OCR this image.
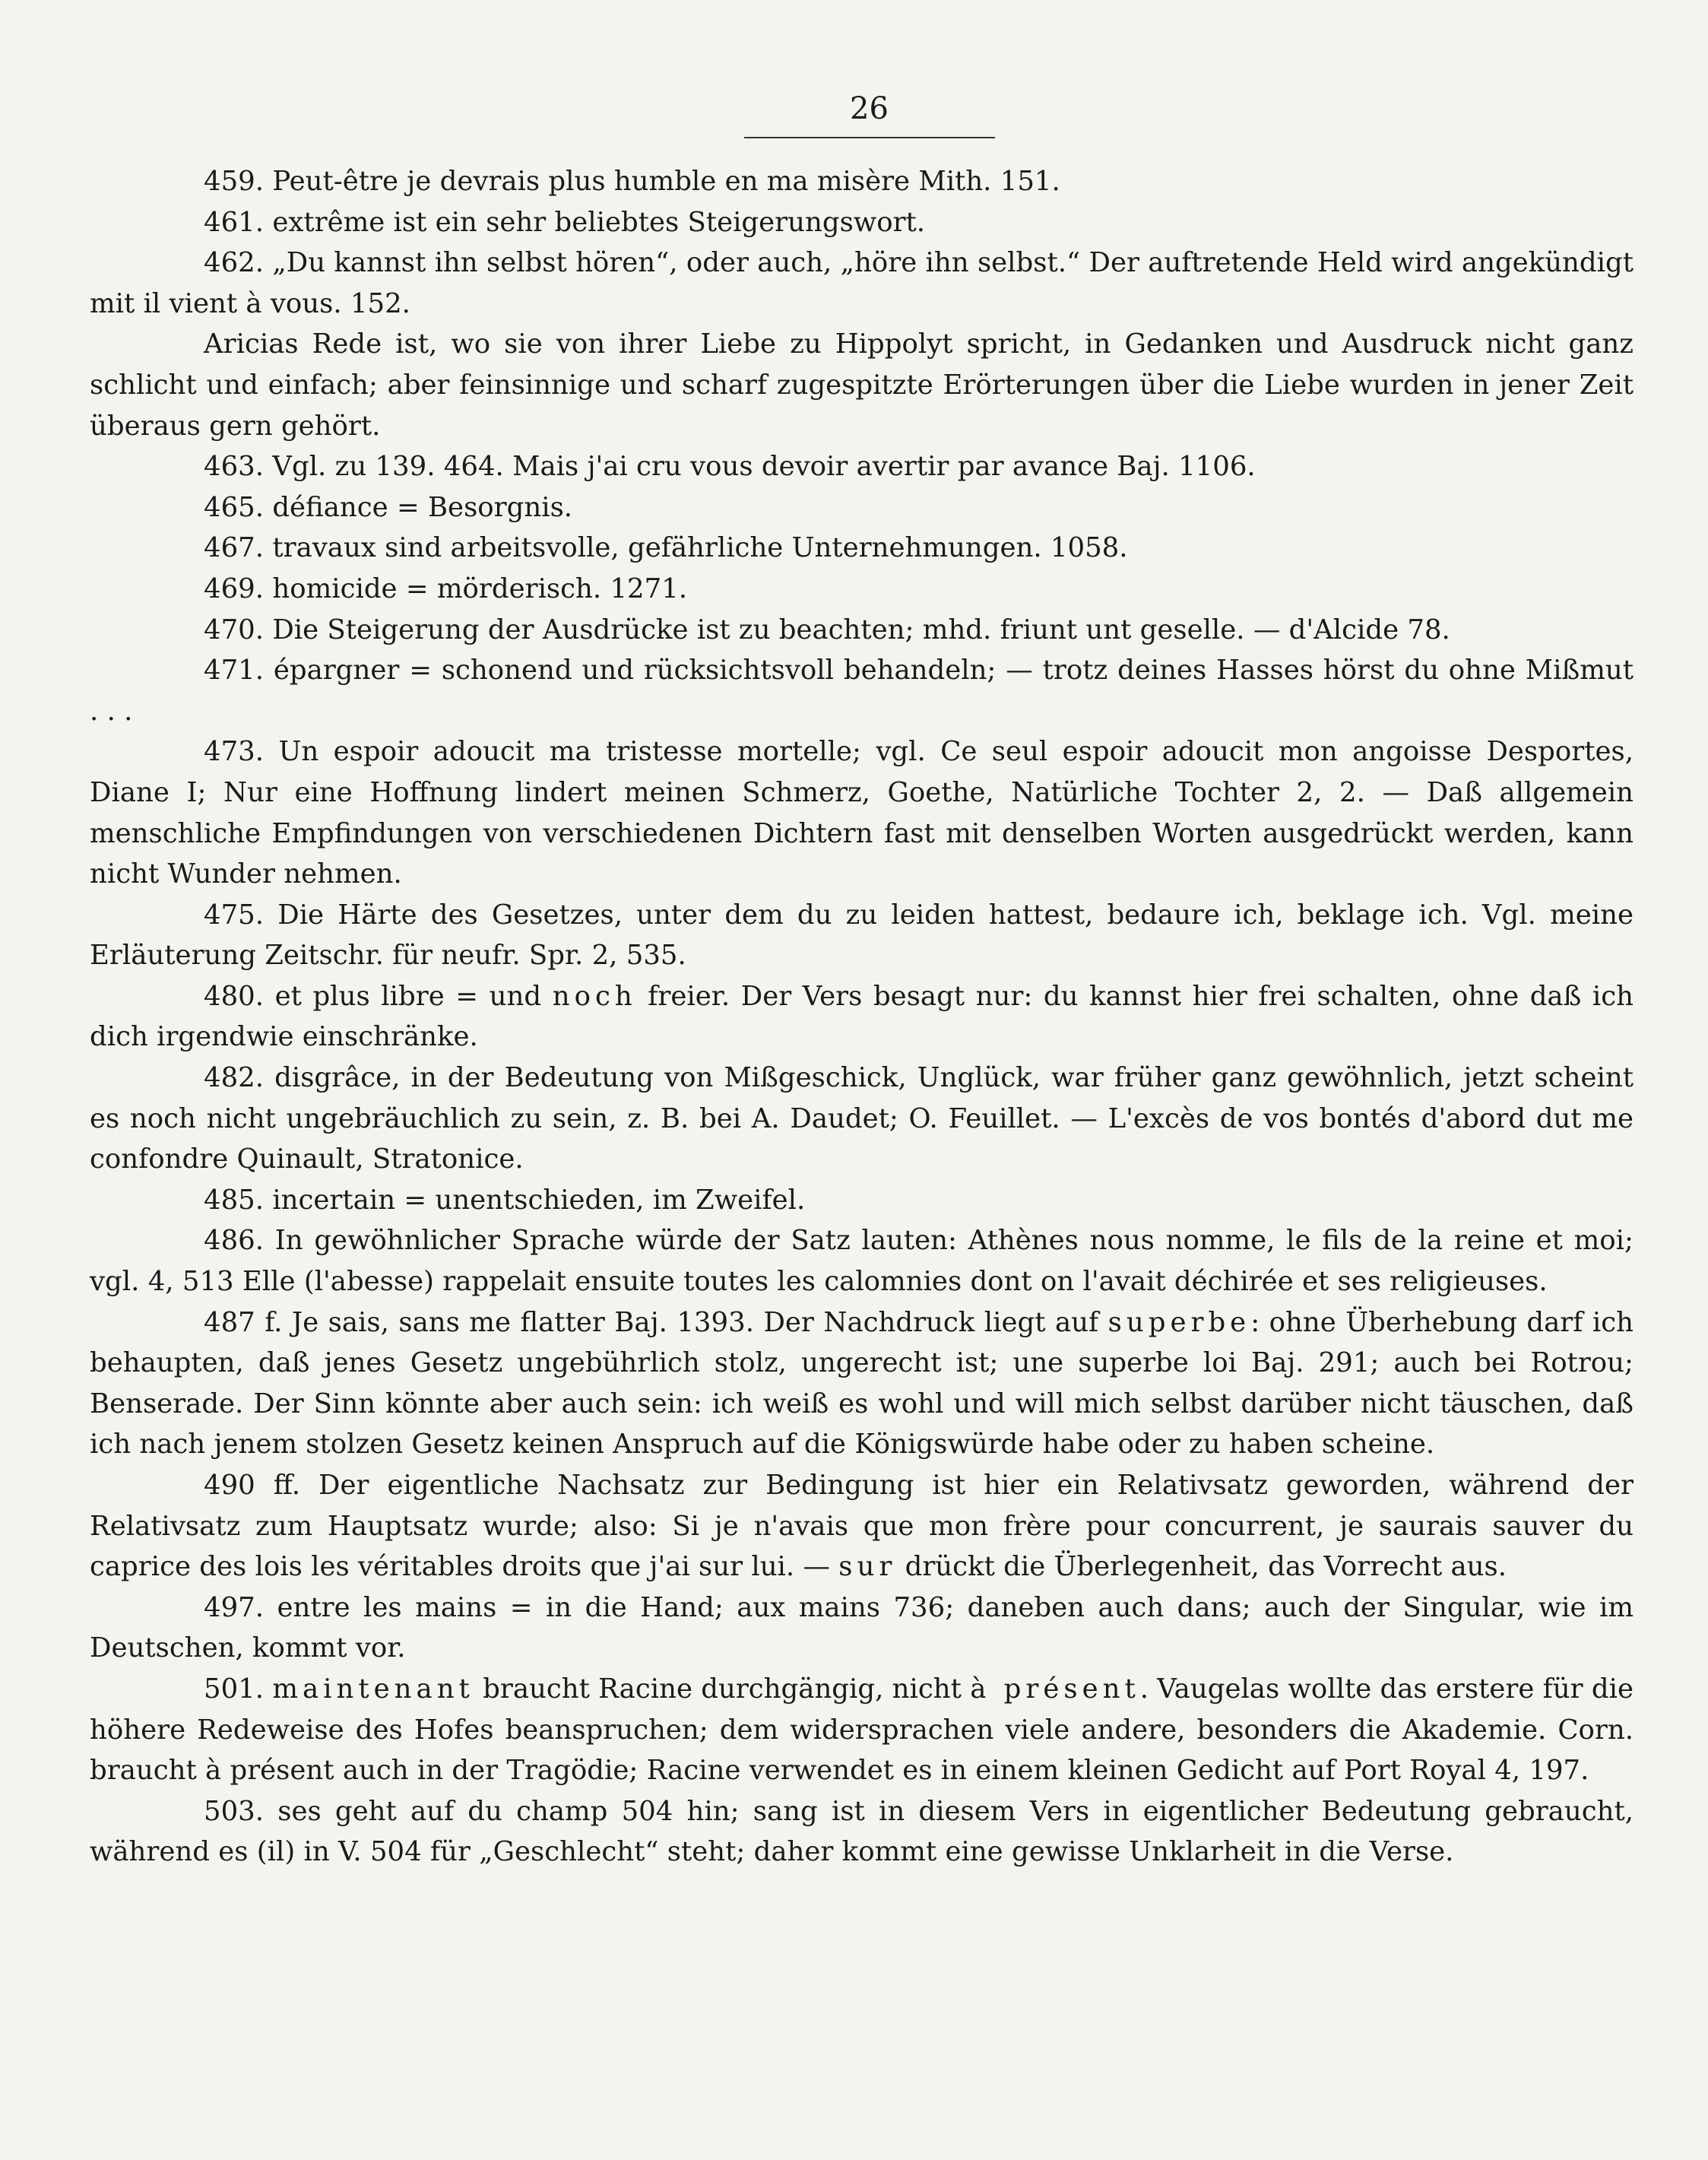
26

459. Peut-être je devrais plus humble en ma misère Mith. 151.

461. extrême ist ein sehr beliebtes Steigerungswort.

462. „Du kannst ihn selbst hören“, oder auch, „höre ihn selbst.“ Der auftretende Held wird angekündigt mit il vient à vous. 152.

Aricias Rede ist, wo sie von ihrer Liebe zu Hippolyt spricht, in Gedanken und Ausdruck nicht ganz schlicht und einfach; aber feinsinnige und scharf zugespitzte Erörterungen über die Liebe wurden in jener Zeit überaus gern gehört.

463. Vgl. zu 139. 464. Mais j'ai cru vous devoir avertir par avance Baj. 1106.

465. défiance = Besorgnis.

467. travaux sind arbeitsvolle, gefährliche Unternehmungen. 1058.

469. homicide = mörderisch. 1271.

470. Die Steigerung der Ausdrücke ist zu beachten; mhd. friunt unt geselle. — d'Alcide 78.

471. épargner = schonend und rücksichtsvoll behandeln; — trotz deines Hasses hörst du ohne Mißmut . . .

473. Un espoir adoucit ma tristesse mortelle; vgl. Ce seul espoir adoucit mon angoisse Desportes, Diane I; Nur eine Hoffnung lindert meinen Schmerz, Goethe, Natürliche Tochter 2, 2. — Daß allgemein menschliche Empfindungen von verschiedenen Dichtern fast mit denselben Worten ausgedrückt werden, kann nicht Wunder nehmen.

475. Die Härte des Gesetzes, unter dem du zu leiden hattest, bedaure ich, beklage ich. Vgl. meine Erläuterung Zeitschr. für neufr. Spr. 2, 535.

480. et plus libre = und noch freier. Der Vers besagt nur: du kannst hier frei schalten, ohne daß ich dich irgendwie einschränke.

482. disgrâce, in der Bedeutung von Mißgeschick, Unglück, war früher ganz gewöhnlich, jetzt scheint es noch nicht ungebräuchlich zu sein, z. B. bei A. Daudet; O. Feuillet. — L'excès de vos bontés d'abord dut me confondre Quinault, Stratonice.

485. incertain = unentschieden, im Zweifel.

486. In gewöhnlicher Sprache würde der Satz lauten: Athènes nous nomme, le fils de la reine et moi; vgl. 4, 513 Elle (l'abesse) rappelait ensuite toutes les calomnies dont on l'avait déchirée et ses religieuses.

487 f. Je sais, sans me flatter Baj. 1393. Der Nachdruck liegt auf superbe: ohne Überhebung darf ich behaupten, daß jenes Gesetz ungebührlich stolz, ungerecht ist; une superbe loi Baj. 291; auch bei Rotrou; Benserade. Der Sinn könnte aber auch sein: ich weiß es wohl und will mich selbst darüber nicht täuschen, daß ich nach jenem stolzen Gesetz keinen Anspruch auf die Königswürde habe oder zu haben scheine.

490 ff. Der eigentliche Nachsatz zur Bedingung ist hier ein Relativsatz geworden, während der Relativsatz zum Hauptsatz wurde; also: Si je n'avais que mon frère pour concurrent, je saurais sauver du caprice des lois les véritables droits que j'ai sur lui. — sur drückt die Überlegenheit, das Vorrecht aus.

497. entre les mains = in die Hand; aux mains 736; daneben auch dans; auch der Singular, wie im Deutschen, kommt vor.

501. maintenant braucht Racine durchgängig, nicht à présent. Vaugelas wollte das erstere für die höhere Redeweise des Hofes beanspruchen; dem widersprachen viele andere, besonders die Akademie. Corn. braucht à présent auch in der Tragödie; Racine verwendet es in einem kleinen Gedicht auf Port Royal 4, 197.

503. ses geht auf du champ 504 hin; sang ist in diesem Vers in eigentlicher Bedeutung gebraucht, während es (il) in V. 504 für „Geschlecht“ steht; daher kommt eine gewisse Unklarheit in die Verse.
